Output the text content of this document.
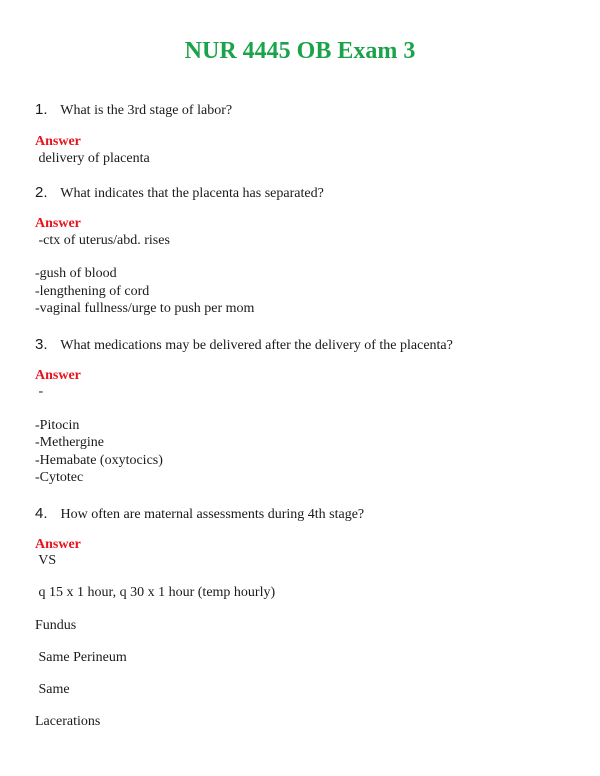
NUR 4445 OB Exam 3
1. What is the 3rd stage of labor?
Answer
delivery of placenta
2. What indicates that the placenta has separated?
Answer
-ctx of uterus/abd. rises
-gush of blood
-lengthening of cord
-vaginal fullness/urge to push per mom
3. What medications may be delivered after the delivery of the placenta?
Answer
-
-Pitocin
-Methergine
-Hemabate (oxytocics)
-Cytotec
4. How often are maternal assessments during 4th stage?
Answer
VS
q 15 x 1 hour, q 30 x 1 hour (temp hourly)
Fundus
Same Perineum
Same
Lacerations
